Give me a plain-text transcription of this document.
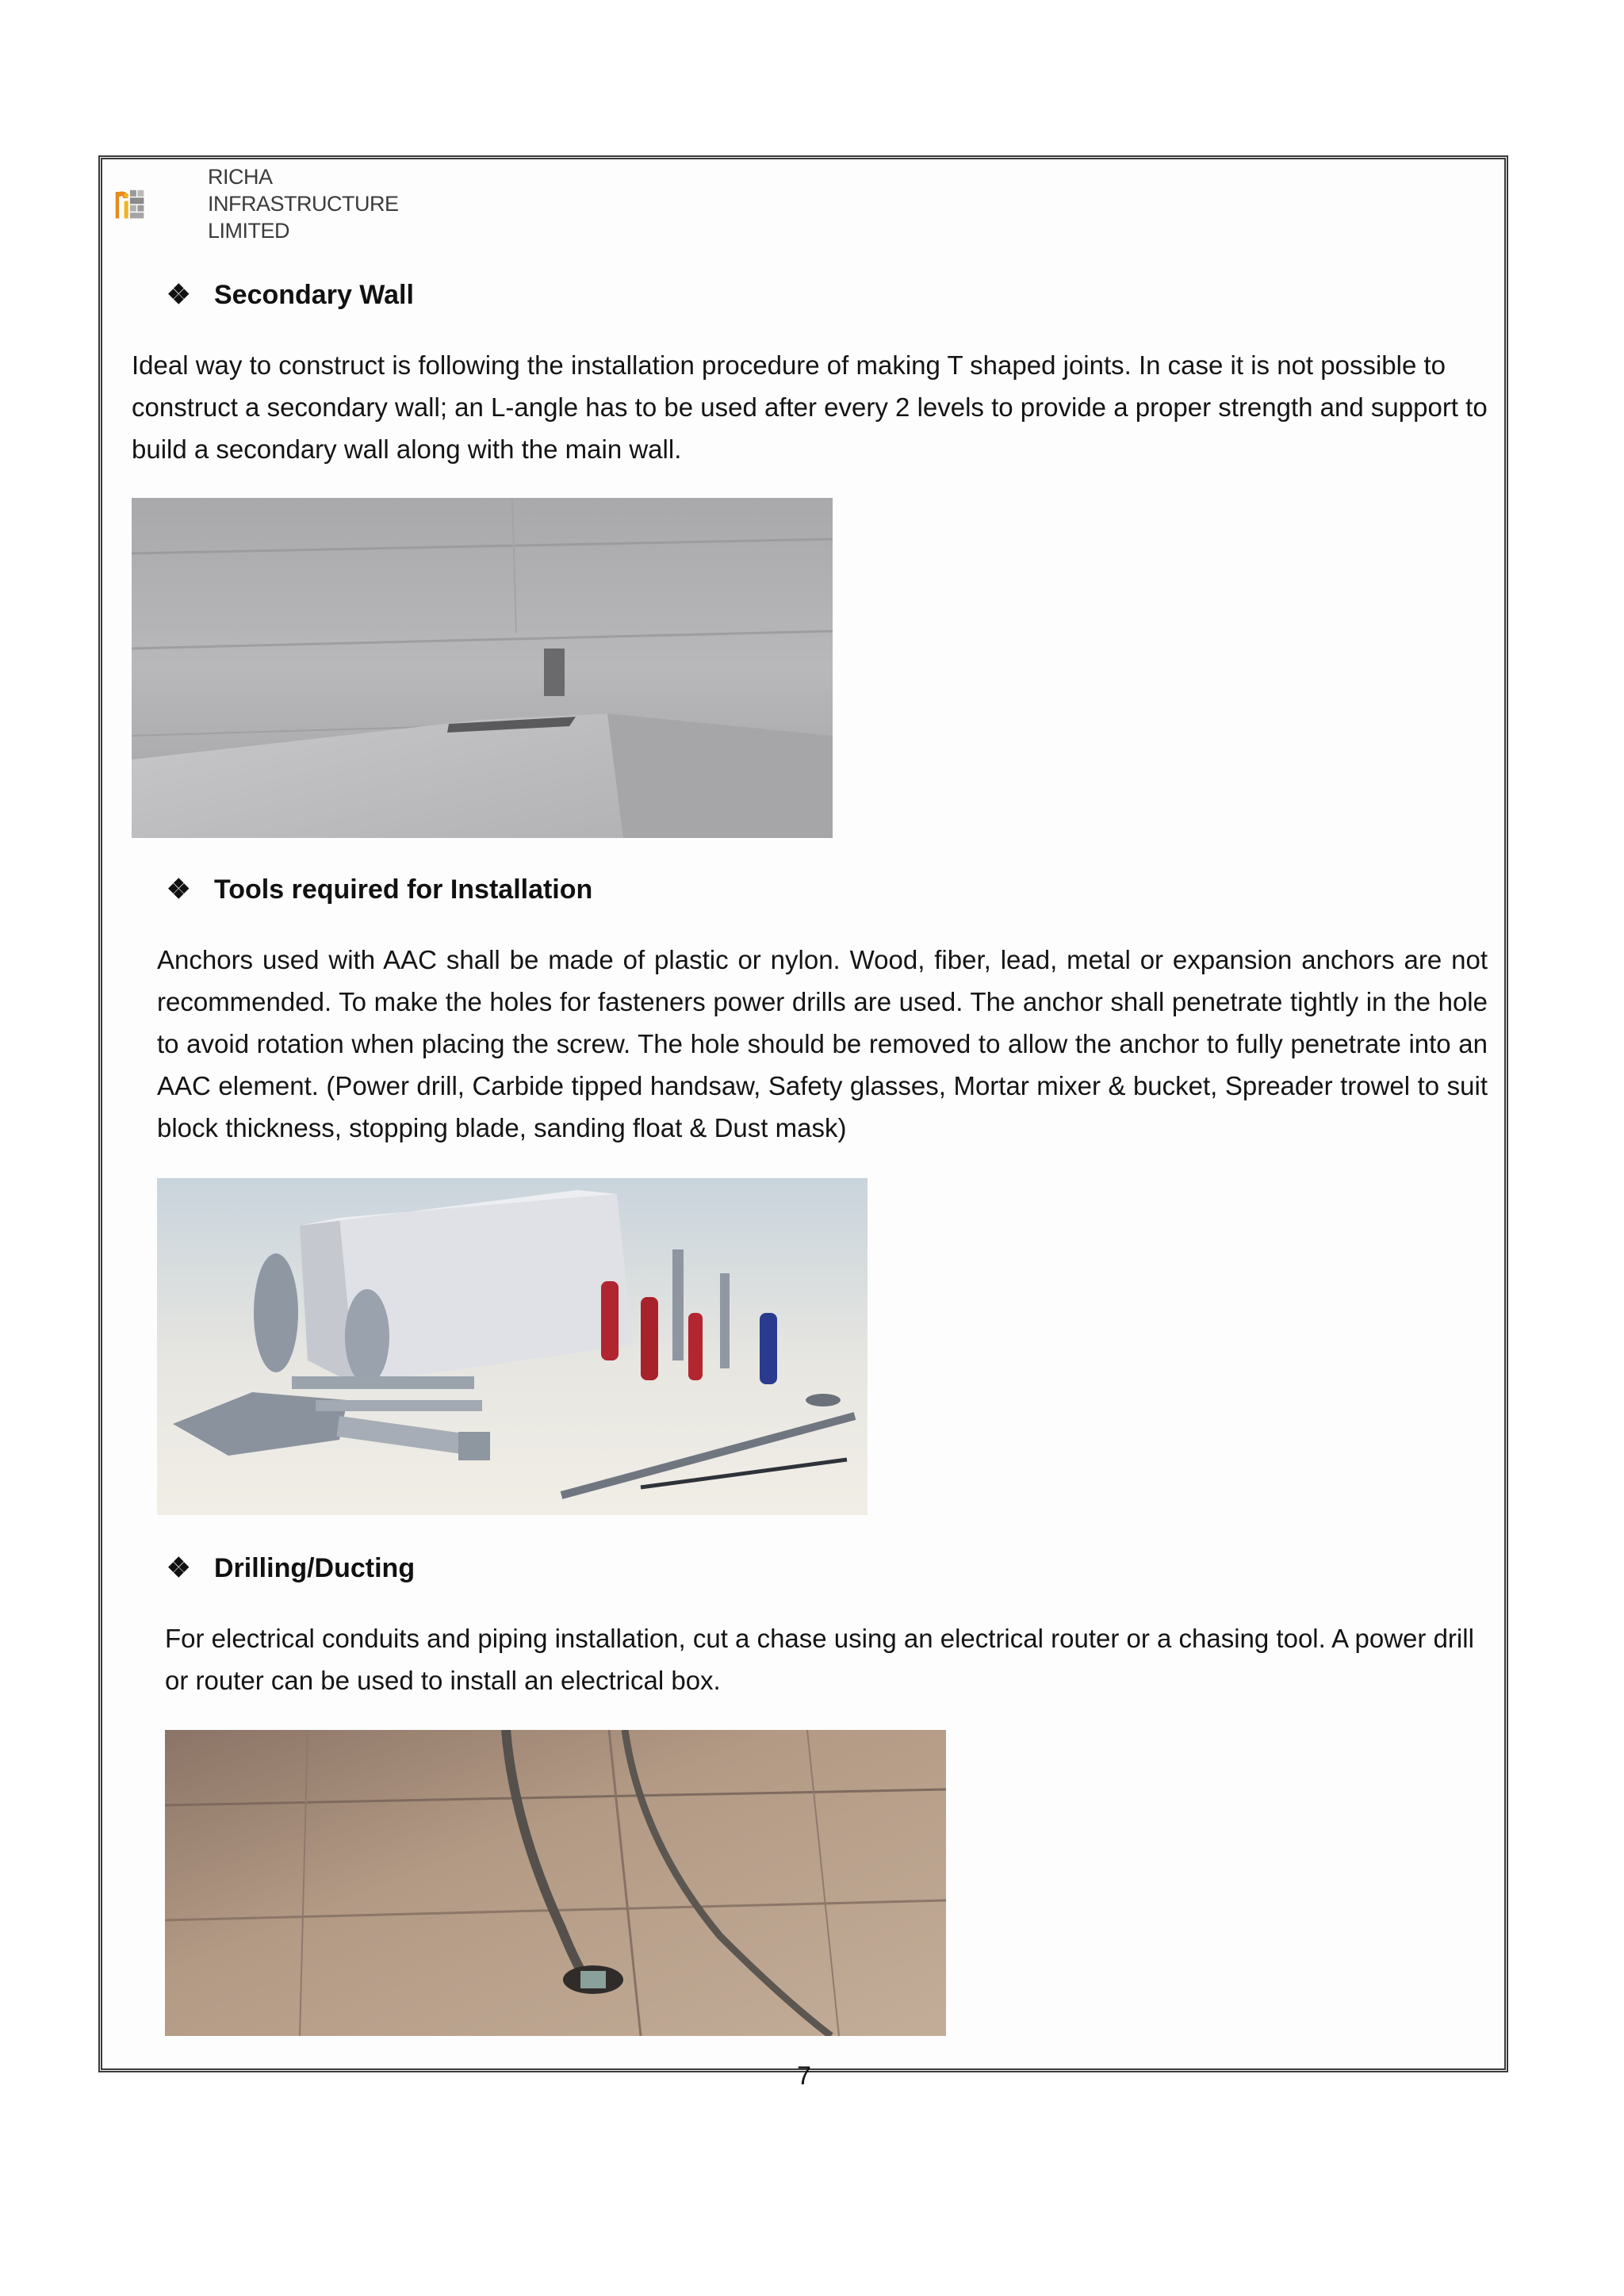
RICHA
INFRASTRUCTURE
LIMITED
❖ Secondary Wall

Ideal way to construct is following the installation procedure of making T shaped joints. In case it is not possible to construct a secondary wall; an L-angle has to be used after every 2 levels to provide a proper strength and support to build a secondary wall along with the main wall.

❖ Tools required for Installation

Anchors used with AAC shall be made of plastic or nylon. Wood, fiber, lead, metal or expansion anchors are not recommended. To make the holes for fasteners power drills are used. The anchor shall penetrate tightly in the hole to avoid rotation when placing the screw. The hole should be removed to allow the anchor to fully penetrate into an AAC element. (Power drill, Carbide tipped handsaw, Safety glasses, Mortar mixer & bucket, Spreader trowel to suit block thickness, stopping blade, sanding float & Dust mask)

❖ Drilling/Ducting

For electrical conduits and piping installation, cut a chase using an electrical router or a chasing tool. A power drill or router can be used to install an electrical box.

7
